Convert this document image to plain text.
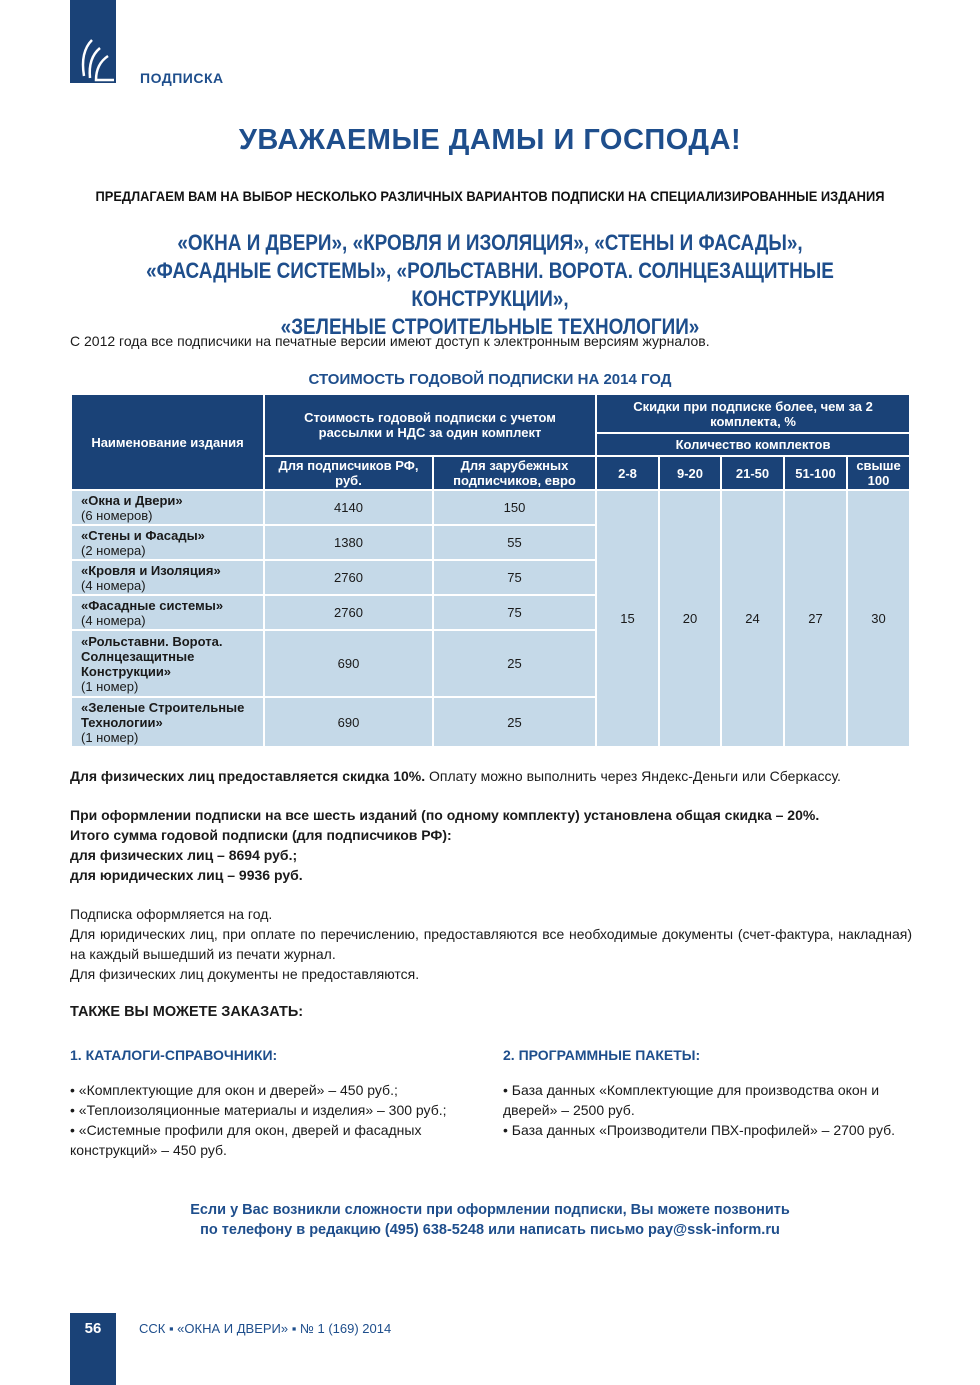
ПОДПИСКА
УВАЖАЕМЫЕ ДАМЫ И ГОСПОДА!
ПРЕДЛАГАЕМ ВАМ НА ВЫБОР НЕСКОЛЬКО РАЗЛИЧНЫХ ВАРИАНТОВ ПОДПИСКИ НА СПЕЦИАЛИЗИРОВАННЫЕ ИЗДАНИЯ
«ОКНА И ДВЕРИ», «КРОВЛЯ И ИЗОЛЯЦИЯ», «СТЕНЫ И ФАСАДЫ»,
«ФАСАДНЫЕ СИСТЕМЫ», «РОЛЬСТАВНИ. ВОРОТА. СОЛНЦЕЗАЩИТНЫЕ КОНСТРУКЦИИ»,
«ЗЕЛЕНЫЕ СТРОИТЕЛЬНЫЕ ТЕХНОЛОГИИ»
С 2012 года все подписчики на печатные версии имеют доступ к электронным версиям журналов.
СТОИМОСТЬ ГОДОВОЙ ПОДПИСКИ НА 2014 ГОД
Наименование издания	Стоимость годовой подписки с учетом рассылки и НДС за один комплект		Скидки при подписке более, чем за 2 комплекта, %				
			Количество комплектов				
	Для подписчиков РФ, руб.	Для зарубежных подписчиков, евро	2-8	9-20	21-50	51-100	свыше 100

«Окна и Двери»
(6 номеров)	4140	150	15	20	24	27	30

«Стены и Фасады»
(2 номера)	1380	55					

«Кровля и Изоляция»
(4 номера)	2760	75					

«Фасадные системы»
(4 номера)	2760	75					

«Рольставни. Ворота. Солнцезащитные Конструкции»
(1 номер)	690	25					

«Зеленые Строительные Технологии»
(1 номер)	690	25					
Для физических лиц предоставляется скидка 10%. Оплату можно выполнить через Яндекс-Деньги или Сберкассу.
При оформлении подписки на все шесть изданий (по одному комплекту) установлена общая скидка – 20%.
Итого сумма годовой подписки (для подписчиков РФ):
для физических лиц – 8694 руб.;
для юридических лиц – 9936 руб.
Подписка оформляется на год.
Для юридических лиц, при оплате по перечислению, предоставляются все необходимые документы (счет-фактура, накладная) на каждый вышедший из печати журнал.
Для физических лиц документы не предоставляются.
ТАКЖЕ ВЫ МОЖЕТЕ ЗАКАЗАТЬ:
1. КАТАЛОГИ-СПРАВОЧНИКИ:
• «Комплектующие для окон и дверей» – 450 руб.;
• «Теплоизоляционные материалы и изделия» – 300 руб.;
• «Системные профили для окон, дверей и фасадных конструкций» – 450 руб.
2. ПРОГРАММНЫЕ ПАКЕТЫ:
• База данных «Комплектующие для производства окон и дверей» – 2500 руб.
• База данных «Производители ПВХ-профилей» – 2700 руб.
Если у Вас возникли сложности при оформлении подписки, Вы можете позвонить
по телефону в редакцию (495) 638-5248 или написать письмо pay@ssk-inform.ru
56	ССК ▪ «ОКНА И ДВЕРИ» ▪ № 1 (169) 2014
